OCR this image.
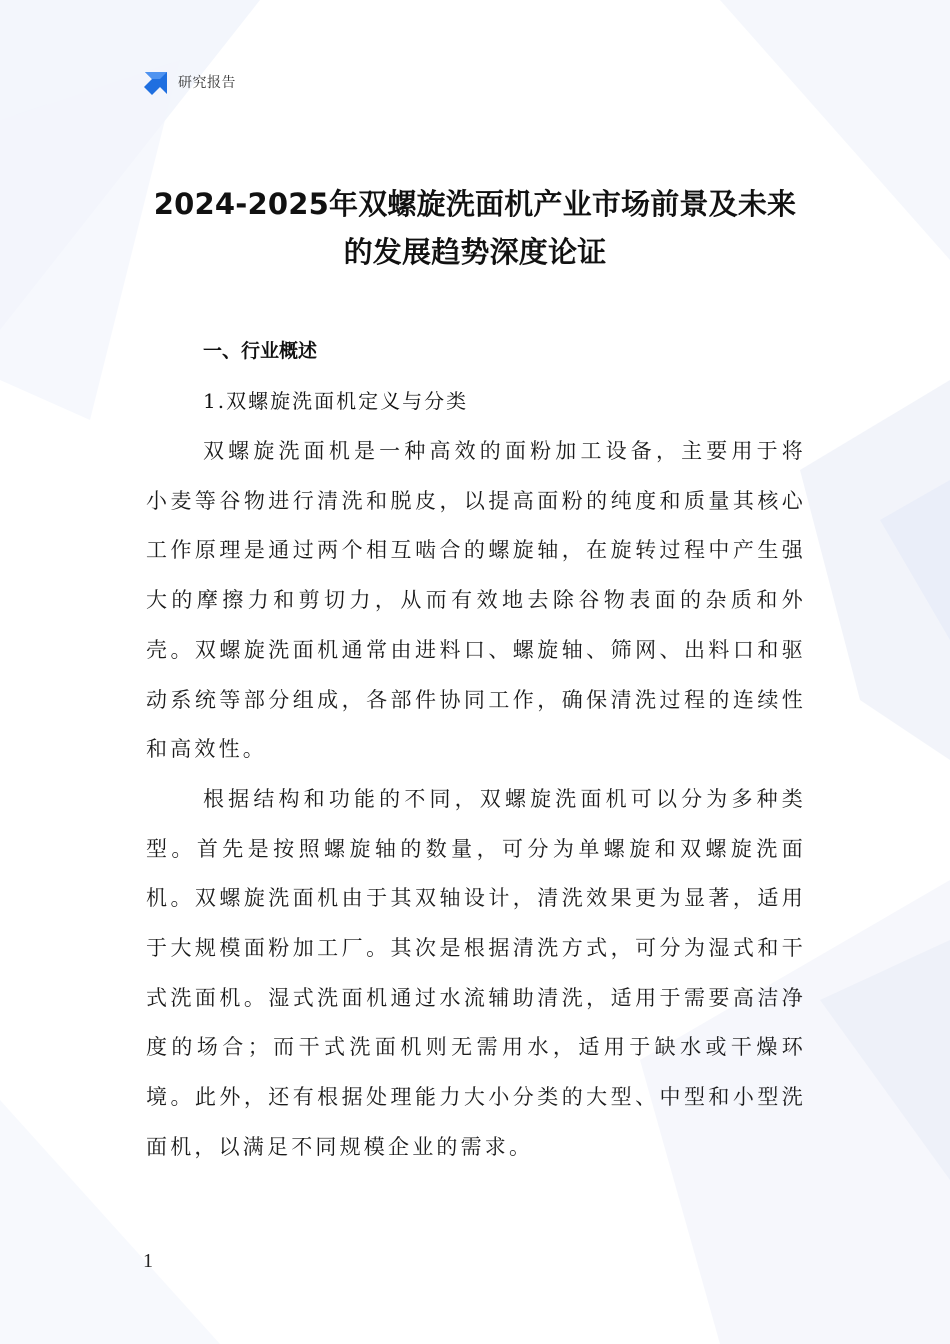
研究报告
2024-2025年双螺旋洗面机产业市场前景及未来
的发展趋势深度论证
一、行业概述
1.双螺旋洗面机定义与分类

双螺旋洗面机是一种高效的面粉加工设备，主要用于将小麦等谷物进行清洗和脱皮，以提高面粉的纯度和质量其核心工作原理是通过两个相互啮合的螺旋轴，在旋转过程中产生强大的摩擦力和剪切力，从而有效地去除谷物表面的杂质和外壳。双螺旋洗面机通常由进料口、螺旋轴、筛网、出料口和驱动系统等部分组成，各部件协同工作，确保清洗过程的连续性和高效性。

根据结构和功能的不同，双螺旋洗面机可以分为多种类型。首先是按照螺旋轴的数量，可分为单螺旋和双螺旋洗面机。双螺旋洗面机由于其双轴设计，清洗效果更为显著，适用于大规模面粉加工厂。其次是根据清洗方式，可分为湿式和干式洗面机。湿式洗面机通过水流辅助清洗，适用于需要高洁净度的场合；而干式洗面机则无需用水，适用于缺水或干燥环境。此外，还有根据处理能力大小分类的大型、中型和小型洗面机，以满足不同规模企业的需求。

1
